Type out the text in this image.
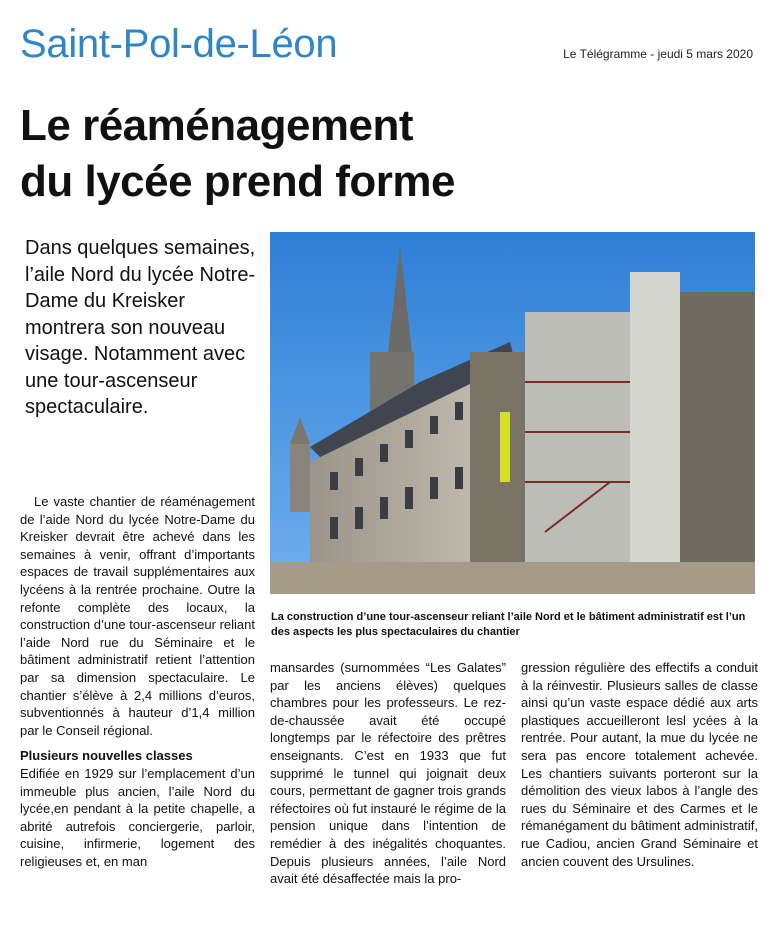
Saint-Pol-de-Léon	Le Télégramme - jeudi 5 mars 2020
Le réaménagement
du lycée prend forme
Dans quelques semaines, l’aile Nord du lycée Notre-Dame du Kreisker montrera son nouveau visage. Notamment avec une tour-ascenseur spectaculaire.
La construction d’une tour-ascenseur reliant l’aile Nord et le bâtiment administratif est l’un des aspects les plus spectaculaires du chantier

Le vaste chantier de réaménagement de l’aide Nord du lycée Notre-Dame du Kreisker devrait être achevé dans les semaines à venir, offrant d’importants espaces de travail supplémentaires aux lycéens à la rentrée prochaine. Outre la refonte complète des locaux, la construction d’une tour-ascenseur reliant l’aide Nord rue du Séminaire et le bâtiment administratif retient l’attention par sa dimension spectaculaire. Le chantier s’élève à 2,4 millions d’euros, subventionnés à hauteur d’1,4 million par le Conseil régional.

Plusieurs nouvelles classes

Edifiée en 1929 sur l’emplacement d’un immeuble plus ancien, l’aile Nord du lycée,en pendant à la petite chapelle, a abrité autrefois conciergerie, parloir, cuisine, infirmerie, logement des religieuses et, en man

mansardes (surnommées “Les Galates” par les anciens élèves) quelques chambres pour les professeurs. Le rez-de-chaussée avait été occupé longtemps par le réfectoire des prêtres enseignants. C’est en 1933 que fut supprimé le tunnel qui joignait deux cours, permettant de gagner trois grands réfectoires où fut instauré le régime de la pension unique dans l’intention de remédier à des inégalités choquantes. Depuis plusieurs années, l’aile Nord avait été désaffectée mais la pro-

gression régulière des effectifs a conduit à la réinvestir. Plusieurs salles de classe ainsi qu’un vaste espace dédié aux arts plastiques accueilleront lesl ycées à la rentrée. Pour autant, la mue du lycée ne sera pas encore totalement achevée. Les chantiers suivants porteront sur la démolition des vieux labos à l’angle des rues du Séminaire et des Carmes et le rémanégament du bâtiment administratif, rue Cadiou, ancien Grand Séminaire et ancien couvent des Ursulines.
